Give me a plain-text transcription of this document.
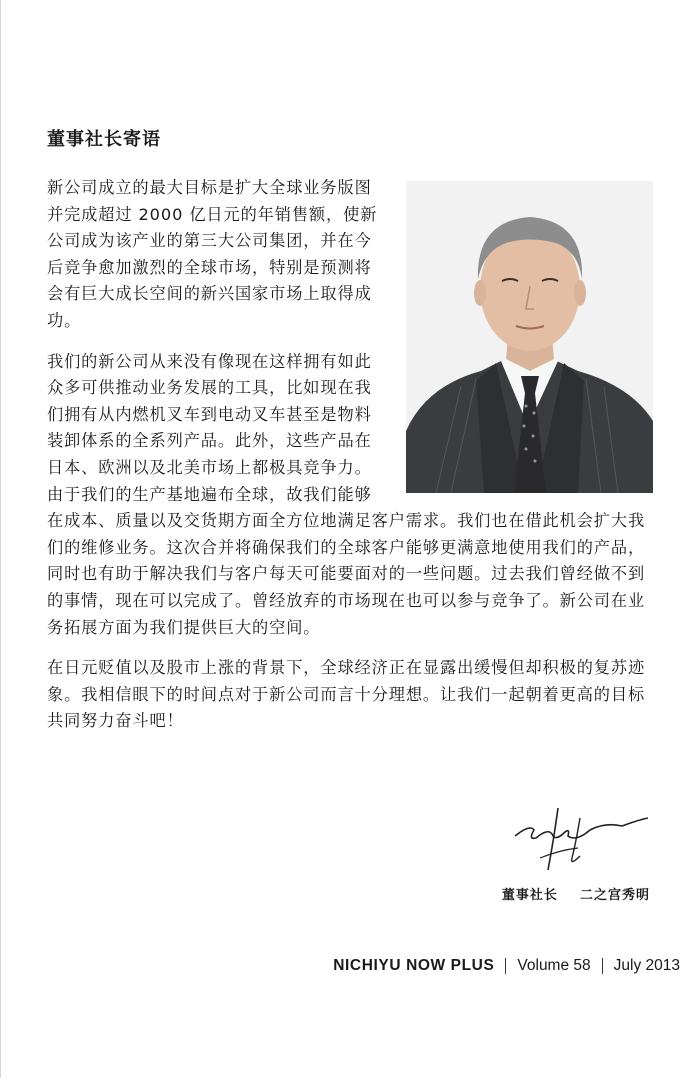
董事社长寄语

新公司成立的最大目标是扩大全球业务版图并完成超过 2000 亿日元的年销售额，使新公司成为该产业的第三大公司集团，并在今后竞争愈加激烈的全球市场，特别是预测将会有巨大成长空间的新兴国家市场上取得成功。

我们的新公司从来没有像现在这样拥有如此众多可供推动业务发展的工具，比如现在我们拥有从内燃机叉车到电动叉车甚至是物料装卸体系的全系列产品。此外，这些产品在日本、欧洲以及北美市场上都极具竞争力。由于我们的生产基地遍布全球，故我们能够在成本、质量以及交货期方面全方位地满足客户需求。我们也在借此机会扩大我们的维修业务。这次合并将确保我们的全球客户能够更满意地使用我们的产品，同时也有助于解决我们与客户每天可能要面对的一些问题。过去我们曾经做不到的事情，现在可以完成了。曾经放弃的市场现在也可以参与竞争了。新公司在业务拓展方面为我们提供巨大的空间。

在日元贬值以及股市上涨的背景下，全球经济正在显露出缓慢但却积极的复苏迹象。我相信眼下的时间点对于新公司而言十分理想。让我们一起朝着更高的目标共同努力奋斗吧！

董事社长 二之宫秀明
NICHIYU NOW PLUS Volume 58 July 2013
